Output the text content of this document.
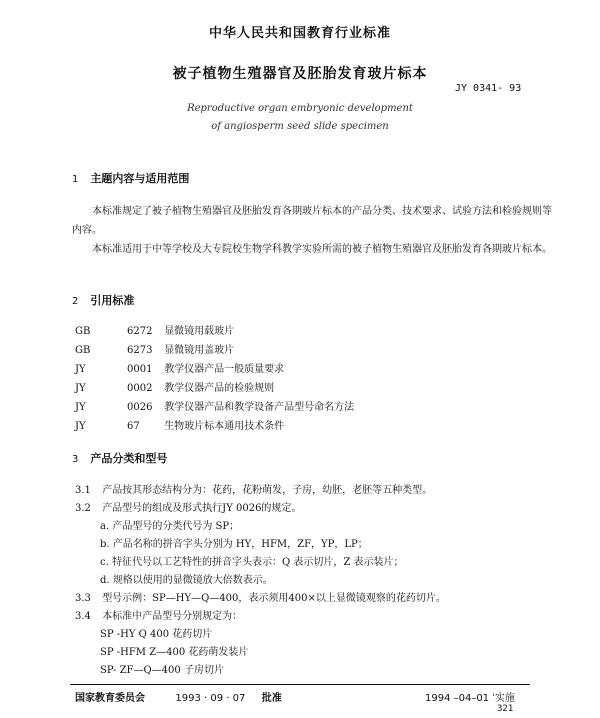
中华人民共和国教育行业标准
被子植物生殖器官及胚胎发育玻片标本
JY 0341- 93
Reproductive organ embryonic development
of angiosperm seed slide specimen
1 主题内容与适用范围
本标准规定了被子植物生殖器官及胚胎发育各期玻片标本的产品分类、技术要求、试验方法和检验规则等内容。
本标准适用于中等学校及大专院校生物学科教学实验所需的被子植物生殖器官及胚胎发育各期玻片标本。
2 引用标准
GB	6272 显微镜用载玻片
GB	6273 显微镜用盖玻片
JY	0001 教学仪器产品一般质量要求
JY	0002 教学仪器产品的检验规则
JY	0026 教学仪器产品和教学设备产品型号命名方法
JY	67 生物玻片标本通用技术条件
3 产品分类和型号
3.1 产品按其形态结构分为：花药，花粉萌发，子房，幼胚，老胚等五种类型。
3.2 产品型号的组成及形式执行JY 0026的规定。
a. 产品型号的分类代号为 SP；
b. 产品名称的拼音字头分别为 HY，HFM，ZF，YP，LP；
c. 特征代号以工艺特性的拼音字头表示：Q 表示切片，Z 表示装片；
d. 规格以使用的显微镜放大倍数表示。
3.3 型号示例：SP—HY—Q—400，表示须用400×以上显微镜观察的花药切片。
3.4 本标准中产品型号分别规定为：
SP -HY Q 400 花药切片
SP -HFM Z—400 花药萌发装片
SP- ZF—Q—400 子房切片
国家教育委员会	1993 · 09 · 07 批准	1994 –04–01 ˈ实施
321
